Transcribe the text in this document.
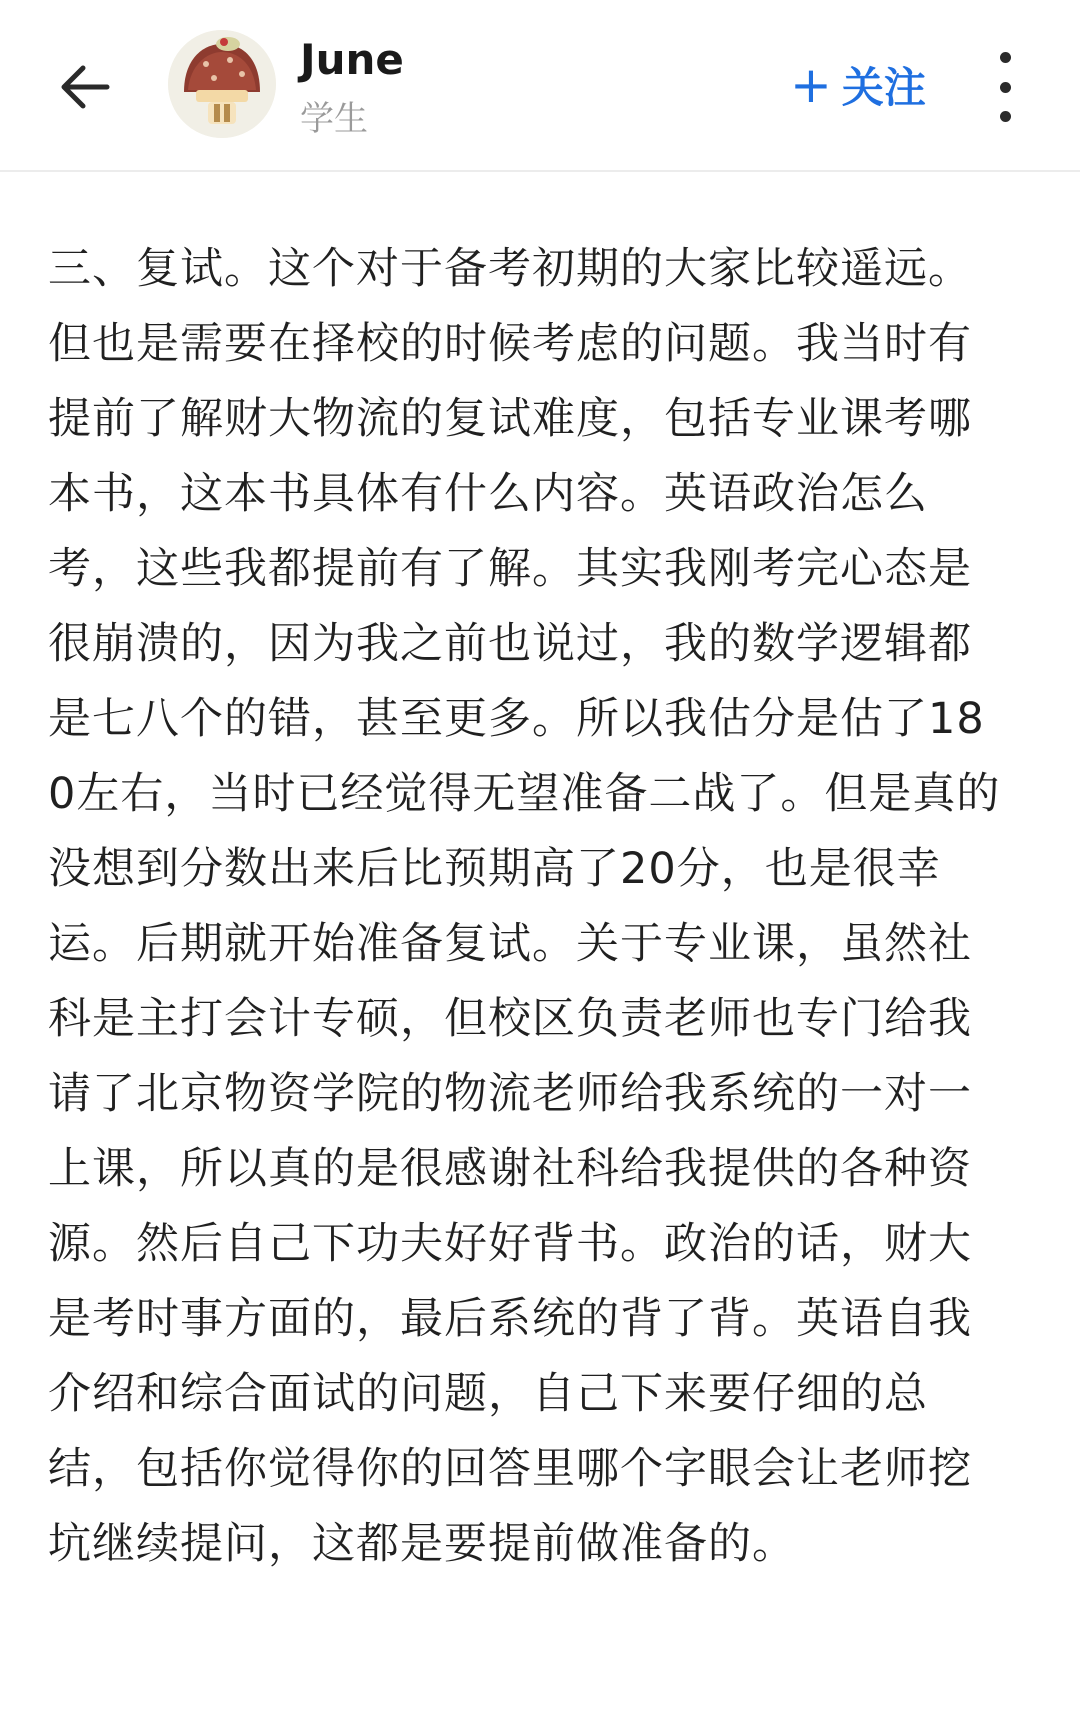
June
学生
+ 关注
三、复试。这个对于备考初期的大家比较遥远。但也是需要在择校的时候考虑的问题。我当时有提前了解财大物流的复试难度，包括专业课考哪本书，这本书具体有什么内容。英语政治怎么考，这些我都提前有了解。其实我刚考完心态是很崩溃的，因为我之前也说过，我的数学逻辑都是七八个的错，甚至更多。所以我估分是估了180左右，当时已经觉得无望准备二战了。但是真的没想到分数出来后比预期高了20分，也是很幸运。后期就开始准备复试。关于专业课，虽然社科是主打会计专硕，但校区负责老师也专门给我请了北京物资学院的物流老师给我系统的一对一上课，所以真的是很感谢社科给我提供的各种资源。然后自己下功夫好好背书。政治的话，财大是考时事方面的，最后系统的背了背。英语自我介绍和综合面试的问题，自己下来要仔细的总结，包括你觉得你的回答里哪个字眼会让老师挖坑继续提问，这都是要提前做准备的。
